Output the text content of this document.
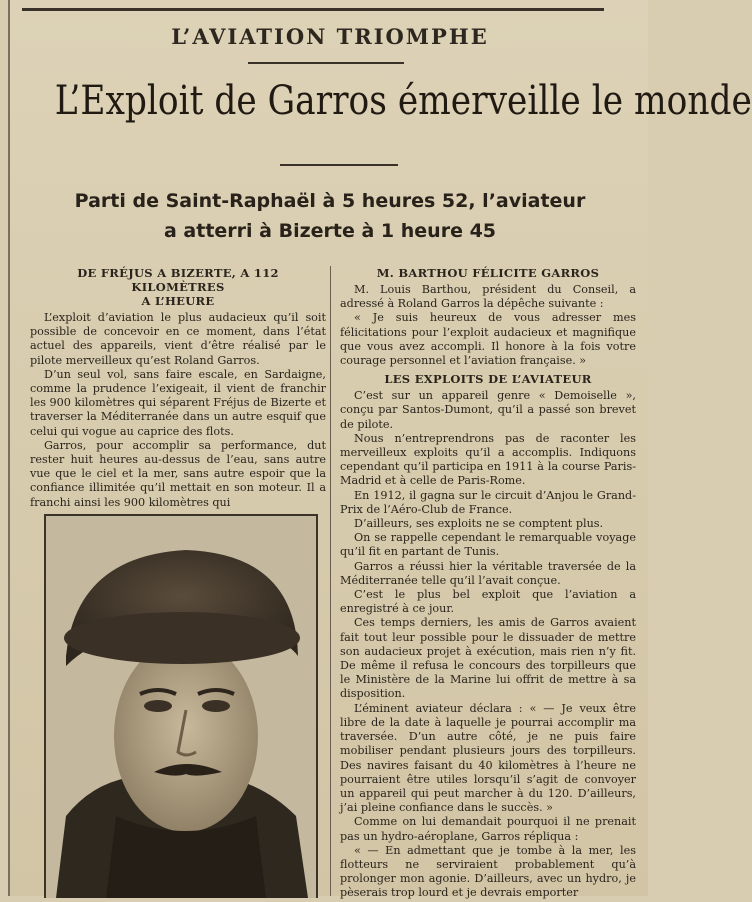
L’AVIATION TRIOMPHE
L’Exploit de Garros émerveille le monde
Parti de Saint-Raphaël à 5 heures 52, l’aviateur
a atterri à Bizerte à 1 heure 45
DE FRÉJUS A BIZERTE, A 112 KILOMÈTRES
A L’HEURE

L’exploit d’aviation le plus audacieux qu’il soit possible de concevoir en ce moment, dans l’état actuel des appareils, vient d’être réalisé par le pilote merveilleux qu’est Roland Garros.

D’un seul vol, sans faire escale, en Sardaigne, comme la prudence l’exigeait, il vient de franchir les 900 kilomètres qui séparent Fréjus de Bizerte et traverser la Méditerranée dans un autre esquif que celui qui vogue au caprice des flots.

Garros, pour accomplir sa performance, dut rester huit heures au-dessus de l’eau, sans autre vue que le ciel et la mer, sans autre espoir que la confiance illimitée qu’il mettait en son moteur. Il a franchi ainsi les 900 kilomètres qui

M. BARTHOU FÉLICITE GARROS

M. Louis Barthou, président du Conseil, a adressé à Roland Garros la dépêche suivante :

« Je suis heureux de vous adresser mes félicitations pour l’exploit audacieux et magnifique que vous avez accompli. Il honore à la fois votre courage personnel et l’aviation française. »

LES EXPLOITS DE L’AVIATEUR

C’est sur un appareil genre « Demoiselle », conçu par Santos-Dumont, qu’il a passé son brevet de pilote.

Nous n’entreprendrons pas de raconter les merveilleux exploits qu’il a accomplis. Indiquons cependant qu’il participa en 1911 à la course Paris-Madrid et à celle de Paris-Rome.

En 1912, il gagna sur le circuit d’Anjou le Grand-Prix de l’Aéro-Club de France.

D’ailleurs, ses exploits ne se comptent plus.

On se rappelle cependant le remarquable voyage qu’il fit en partant de Tunis.

Garros a réussi hier la véritable traversée de la Méditerranée telle qu’il l’avait conçue.

C’est le plus bel exploit que l’aviation a enregistré à ce jour.

Ces temps derniers, les amis de Garros avaient fait tout leur possible pour le dissuader de mettre son audacieux projet à exécution, mais rien n’y fit. De même il refusa le concours des torpilleurs que le Ministère de la Marine lui offrit de mettre à sa disposition.

L’éminent aviateur déclara : « — Je veux être libre de la date à laquelle je pourrai accomplir ma traversée. D’un autre côté, je ne puis faire mobiliser pendant plusieurs jours des torpilleurs. Des navires faisant du 40 kilomètres à l’heure ne pourraient être utiles lorsqu’il s’agit de convoyer un appareil qui peut marcher à du 120. D’ailleurs, j’ai pleine confiance dans le succès. »

Comme on lui demandait pourquoi il ne prenait pas un hydro-aéroplane, Garros répliqua :

« — En admettant que je tombe à la mer, les flotteurs ne serviraient probablement qu’à prolonger mon agonie. D’ailleurs, avec un hydro, je pèserais trop lourd et je devrais emporter
